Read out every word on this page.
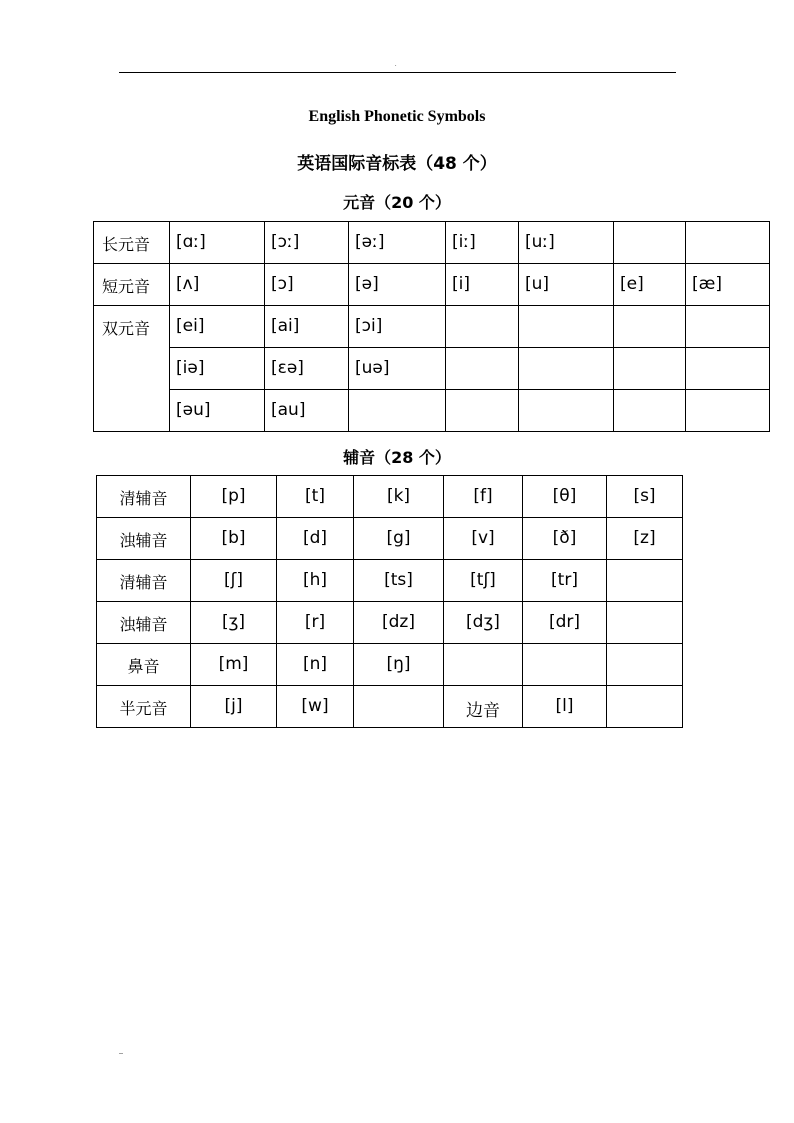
.
English Phonetic Symbols
英语国际音标表（48 个）
元音（20 个）
长元音	[ɑː]	[ɔː]	[əː]	[iː]	[uː]		
短元音	[ʌ]	[ɔ]	[ə]	[i]	[u]	[e]	[æ]
双元音	[ei]	[ai]	[ɔi]				
	[iə]	[ɛə]	[uə]				
	[əu]	[au]					
辅音（28 个）
清辅音	[p]	[t]	[k]	[f]	[θ]	[s]
浊辅音	[b]	[d]	[g]	[v]	[ð]	[z]
清辅音	[ʃ]	[h]	[ts]	[tʃ]	[tr]	
浊辅音	[ʒ]	[r]	[dz]	[dʒ]	[dr]	
鼻音	[m]	[n]	[ŋ]			
半元音	[j]	[w]		边音	[l]	
..
